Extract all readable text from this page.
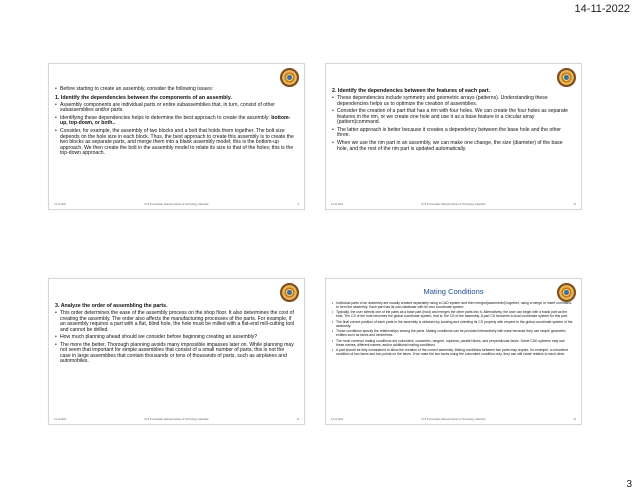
14-11-2022
• Before starting to create an assembly, consider the following issues:
1. Identify the dependencies between the components of an assembly.
• Assembly components are individual parts or entire subassemblies that, in turn, consist of other subassemblies and/or parts.
• Identifying these dependencies helps to determine the best approach to create the assembly: bottom-up, top-down, or both..
• Consider, for example, the assembly of two blocks and a bolt that holds them together. The bolt size depends on the hole size in each block. Thus, the best approach to create this assembly is to create the two blocks as separate parts, and merge them into a blank assembly model; this is the bottom-up approach. We then create the bolt in the assembly model to relate its size to that of the holes; this is the top-down approach.
14-11-2022	Dr B R Ambedkar National Institute of Technology, Jalandhar	9
2. Identify the dependencies between the features of each part.
• These dependencies include symmetry and geometric arrays (patterns). Understanding these dependencies helps us to optimize the creation of assemblies.
• Consider the creation of a part that has a rim with four holes. We can create the four holes as separate features in the rim, or we create one hole and use it as a base feature in a circular array (pattern)command.
• The latter approach is better because it creates a dependency between the base hole and the other three.
• When we use the rim part in an assembly, we can make one change, the size (diameter) of the base hole, and the rest of the rim part is updated automatically.
14-11-2022	Dr B R Ambedkar National Institute of Technology, Jalandhar	10
3. Analyze the order of assembling the parts.
• This order determines the ease of the assembly process on the shop floor. It also determines the cost of creating the assembly. The order also affects the manufacturing processes of the parts. For example, if an assembly requires a part with a flat, blind hole, the hole must be milled with a flat-end mill-cutting tool and cannot be drilled.
• How much planning ahead should we consider before beginning creating an assembly?
• The more the better. Thorough planning avoids many impossible impasses later on. While planning may not seem that important for simple assemblies that consist of a small number of parts, this is not the case in large assemblies that contain thousands or tens of thousands of parts, such as airplanes and automobiles.
14-11-2022	Dr B R Ambedkar National Institute of Technology, Jalandhar	11
Mating Conditions
• Individual parts of an assembly are usually created separately using a CAD system and then merged(assembled) together, using a merge or insert command, to form the assembly. Each part has its own database with its own coordinate system.
• Typically, the user selects one of the parts as a base part (host) and merges the other parts into it. Alternatively, the user can begin with a blank part as the host. The CS of the host becomes the global coordinate system, that is, the CS of the assembly. A part CS becomes a local coordinate system for this part.
• The final correct position of each parts in the assembly is obtained by locating and orienting its CS properly with respect to the global coordinate system of the assembly.
• These conditions specify the relationships among the parts. Mating conditions can be provided interactively with ease because they use simple geometric entities such as faces and centerlines.
• The most common mating conditions are coincident, concentric, tangent, coplanar, parallel faces, and perpendicular faces. Some CAD systems may use these names, different names, and/or additional mating conditions.
• A part should be fully constrained to allow the creation of the correct assembly. Mating conditions between two parts may require, for example, a coincident condition of two faces and two points on the faces. If we mate the two faces using the coincident condition only, they can still rotate relative to each other.
14-11-2022	Dr B R Ambedkar National Institute of Technology, Jalandhar	12
3
